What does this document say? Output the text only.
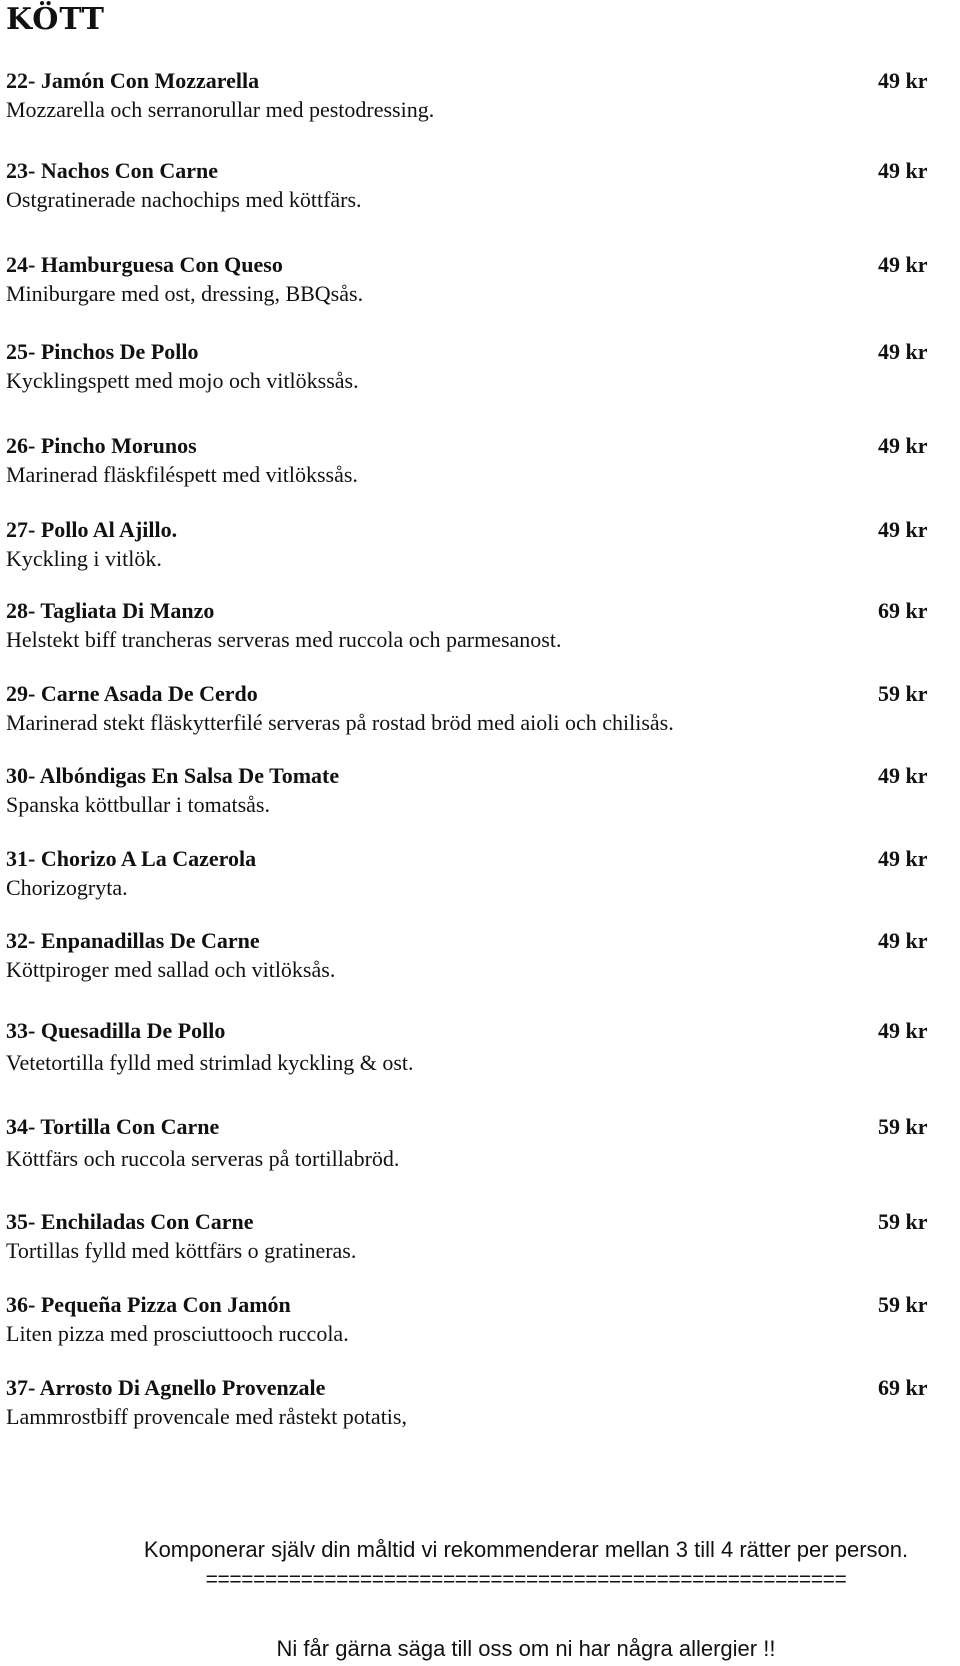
KÖTT
22- Jamón Con Mozzarella	49 kr
Mozzarella och serranorullar med pestodressing.
23- Nachos Con Carne	49 kr
Ostgratinerade nachochips med köttfärs.
24- Hamburguesa Con Queso	49 kr
Miniburgare med ost, dressing, BBQsås.
25- Pinchos De Pollo	49 kr
Kycklingspett med mojo och vitlökssås.
26- Pincho Morunos	49 kr
Marinerad fläskfiléspett med vitlökssås.
27- Pollo Al Ajillo.	49 kr
Kyckling i vitlök.
28- Tagliata Di Manzo	69 kr
Helstekt biff trancheras serveras med ruccola och parmesanost.
29- Carne Asada De Cerdo	59 kr
Marinerad stekt fläskytterfilé serveras på rostad bröd med aioli och chilisås.
30- Albóndigas En Salsa De Tomate	49 kr
Spanska köttbullar i tomatsås.
31- Chorizo A La Cazerola	49 kr
Chorizogryta.
32- Enpanadillas De Carne	49 kr
Köttpiroger med sallad och vitlöksås.
33- Quesadilla De Pollo	49 kr
Vetetortilla fylld med strimlad kyckling & ost.
34- Tortilla Con Carne	59 kr
Köttfärs och ruccola serveras på tortillabröd.
35- Enchiladas Con Carne	59 kr
Tortillas fylld med köttfärs o gratineras.
36- Pequeña Pizza Con Jamón	59 kr
Liten pizza med prosciuttooch ruccola.
37- Arrosto Di Agnello Provenzale	69 kr
Lammrostbiff provencale med råstekt potatis,
Komponerar själv din måltid vi rekommenderar mellan 3 till 4 rätter per person.
======================================================
Ni får gärna säga till oss om ni har några allergier !!
